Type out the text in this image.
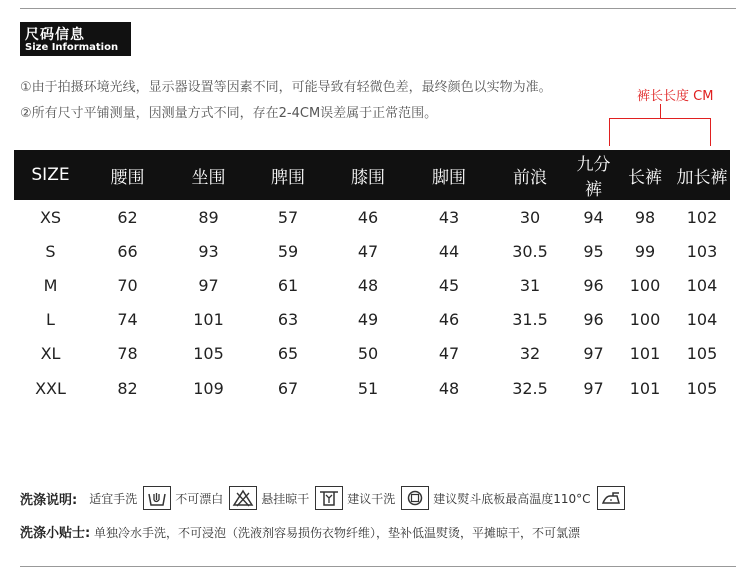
尺码信息
Size Information
①由于拍摄环境光线，显示器设置等因素不同，可能导致有轻微色差，最终颜色以实物为准。
②所有尺寸平铺测量，因测量方式不同，存在2-4CM误差属于正常范围。
裤长长度 CM
SIZE	腰围	坐围	脾围	膝围	脚围	前浪	九分裤	长裤	加长裤
XS	62	89	57	46	43	30	94	98	102
S	66	93	59	47	44	30.5	95	99	103
M	70	97	61	48	45	31	96	100	104
L	74	101	63	49	46	31.5	96	100	104
XL	78	105	65	50	47	32	97	101	105
XXL	82	109	67	51	48	32.5	97	101	105
洗涤说明: 适宜手洗	不可漂白	悬挂晾干	建议干洗	建议熨斗底板最高温度110°C
洗涤小贴士: 单独冷水手洗，不可浸泡（洗液剂容易损伤衣物纤维），垫补低温熨烫，平摊晾干，不可氯漂
